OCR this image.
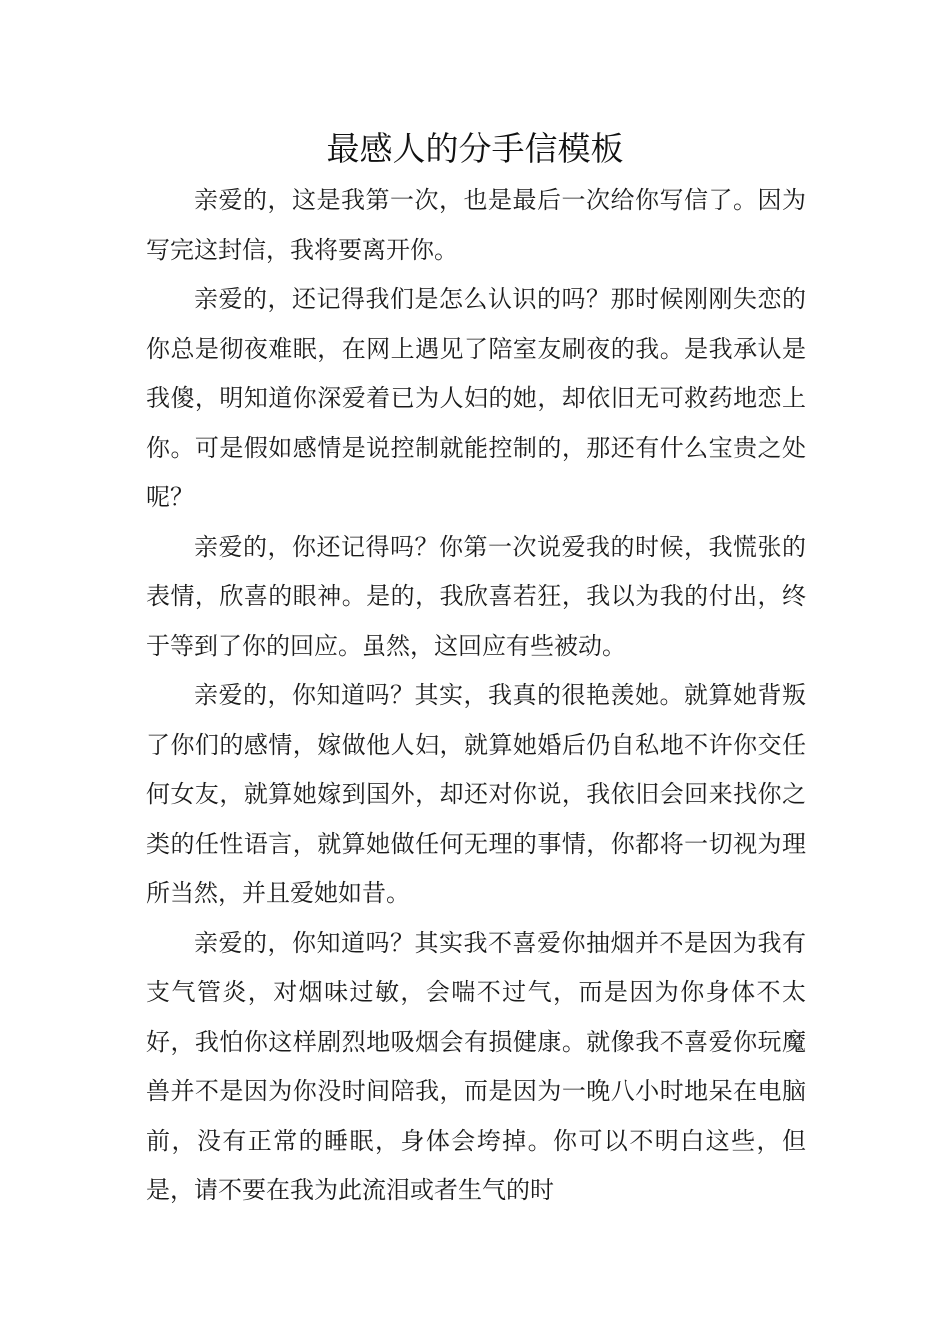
最感人的分手信模板

亲爱的，这是我第一次，也是最后一次给你写信了。因为写完这封信，我将要离开你。

亲爱的，还记得我们是怎么认识的吗？那时候刚刚失恋的你总是彻夜难眠，在网上遇见了陪室友刷夜的我。是我承认是我傻，明知道你深爱着已为人妇的她，却依旧无可救药地恋上你。可是假如感情是说控制就能控制的，那还有什么宝贵之处呢？

亲爱的，你还记得吗？你第一次说爱我的时候，我慌张的表情，欣喜的眼神。是的，我欣喜若狂，我以为我的付出，终于等到了你的回应。虽然，这回应有些被动。

亲爱的，你知道吗？其实，我真的很艳羡她。就算她背叛了你们的感情，嫁做他人妇，就算她婚后仍自私地不许你交任何女友，就算她嫁到国外，却还对你说，我依旧会回来找你之类的任性语言，就算她做任何无理的事情，你都将一切视为理所当然，并且爱她如昔。

亲爱的，你知道吗？其实我不喜爱你抽烟并不是因为我有支气管炎，对烟味过敏，会喘不过气，而是因为你身体不太好，我怕你这样剧烈地吸烟会有损健康。就像我不喜爱你玩魔兽并不是因为你没时间陪我，而是因为一晚八小时地呆在电脑前，没有正常的睡眠，身体会垮掉。你可以不明白这些，但是，请不要在我为此流泪或者生气的时
